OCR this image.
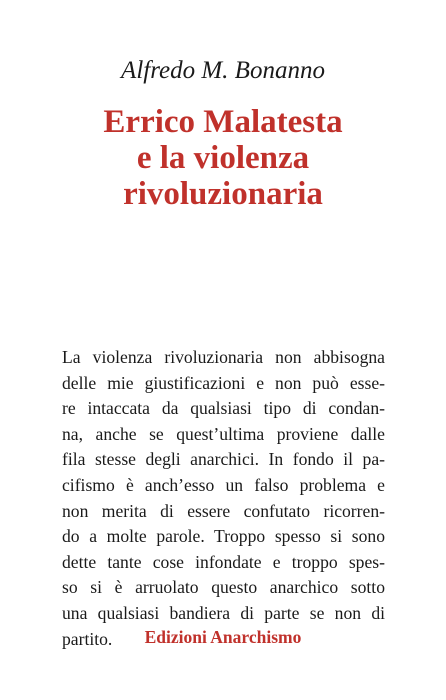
Alfredo M. Bonanno
Errico Malatesta
e la violenza
rivoluzionaria
La violenza rivoluzionaria non abbisogna
delle mie giustificazioni e non può esse-
re intaccata da qualsiasi tipo di condan-
na, anche se quest’ultima proviene dalle
fila stesse degli anarchici. In fondo il pa-
cifismo è anch’esso un falso problema e
non merita di essere confutato ricorren-
do a molte parole. Troppo spesso si sono
dette tante cose infondate e troppo spes-
so si è arruolato questo anarchico sotto
una qualsiasi bandiera di parte se non di
partito.	Edizioni Anarchismo
